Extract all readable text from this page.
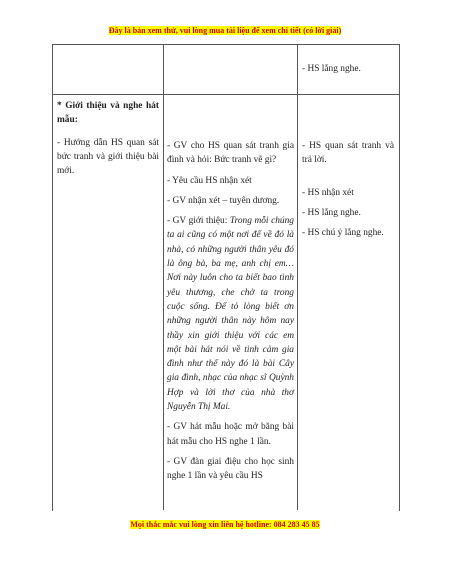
Đây là bản xem thử, vui lòng mua tài liệu để xem chi tiết (có lời giải)

- HS lắng nghe.

* Giới thiệu và nghe hát mẫu:

- Hướng dẫn HS quan sát bức tranh và giới thiệu bài mới.

- GV cho HS quan sát tranh gia đình và hỏi: Bức tranh vẽ gì?

- Yêu cầu HS nhận xét

- GV nhận xét – tuyên dương.

- GV giới thiệu: Trong mỗi chúng ta ai cũng có một nơi để về đó là nhà, có những người thân yêu đó là ông bà, ba mẹ, anh chị em…Nơi này luôn cho ta biết bao tình yêu thương, che chở ta trong cuộc sống. Để tỏ lòng biết ơn những người thân này hôm nay thầy xin giới thiệu với các em một bài hát nói về tình cảm gia đình như thế này đó là bài Cây gia đình, nhạc của nhạc sĩ Quỳnh Hợp và lời thơ của nhà thơ Nguyễn Thị Mai.

- GV hát mẫu hoặc mở băng bài hát mẫu cho HS nghe 1 lần.

- GV đàn giai điệu cho học sinh nghe 1 lần và yêu cầu HS

- HS quan sát tranh và trả lời.

- HS nhận xét

- HS lắng nghe.

- HS chú ý lắng nghe.

Mọi thắc mắc vui lòng xin liên hệ hotline: 084 283 45 85
